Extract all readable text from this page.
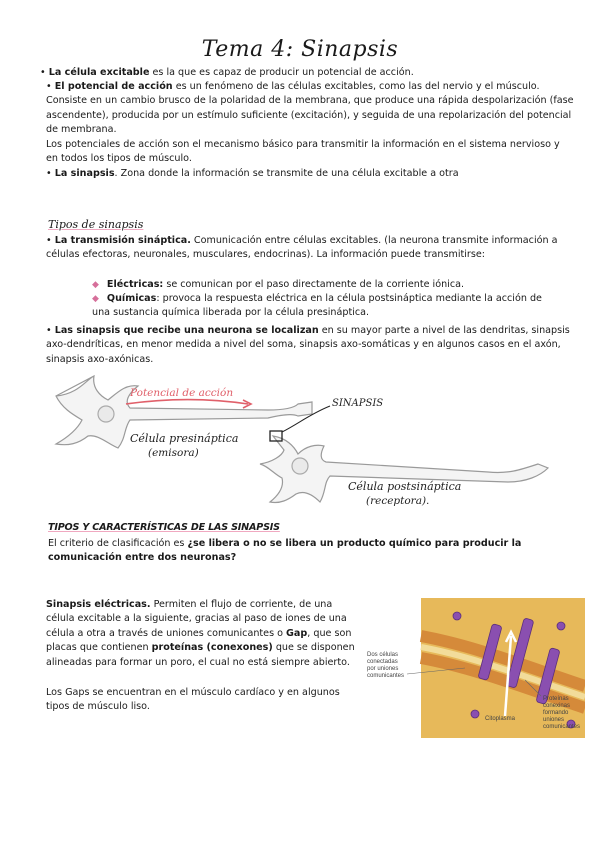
Tema 4: Sinapsis
• La célula excitable es la que es capaz de producir un potencial de acción.
• El potencial de acción es un fenómeno de las células excitables, como las del nervio y el músculo. Consiste en un cambio brusco de la polaridad de la membrana, que produce una rápida despolarización (fase ascendente), producida por un estímulo suficiente (excitación), y seguida de una repolarización del potencial de membrana.
Los potenciales de acción son el mecanismo básico para transmitir la información en el sistema nervioso y en todos los tipos de músculo.
• La sinapsis. Zona donde la información se transmite de una célula excitable a otra
Tipos de sinapsis
• La transmisión sináptica. Comunicación entre células excitables. (la neurona transmite información a células efectoras, neuronales, musculares, endocrinas). La información puede transmitirse:
◆ Eléctricas: se comunican por el paso directamente de la corriente iónica.
◆ Químicas: provoca la respuesta eléctrica en la célula postsináptica mediante la acción de una sustancia química liberada por la célula presináptica.
• Las sinapsis que recibe una neurona se localizan en su mayor parte a nivel de las dendritas, sinapsis axo-dendríticas, en menor medida a nivel del soma, sinapsis axo-somáticas y en algunos casos en el axón, sinapsis axo-axónicas.
Potencial de acción
SINAPSIS
Célula presináptica
(emisora)
Célula postsináptica
(receptora).
TIPOS Y CARACTERÍSTICAS DE LAS SINAPSIS
El criterio de clasificación es ¿se libera o no se libera un producto químico para producir la comunicación entre dos neuronas?
Sinapsis eléctricas. Permiten el flujo de corriente, de una célula excitable a la siguiente, gracias al paso de iones de una célula a otra a través de uniones comunicantes o Gap, que son placas que contienen proteínas (conexones) que se disponen alineadas para formar un poro, el cual no está siempre abierto.
Los Gaps se encuentran en el músculo cardíaco y en algunos tipos de músculo liso.
Dos células
conectadas
por uniones
comunicantes
Citoplasma
Proteínas
conexinas
formando
uniones
comunicantes
